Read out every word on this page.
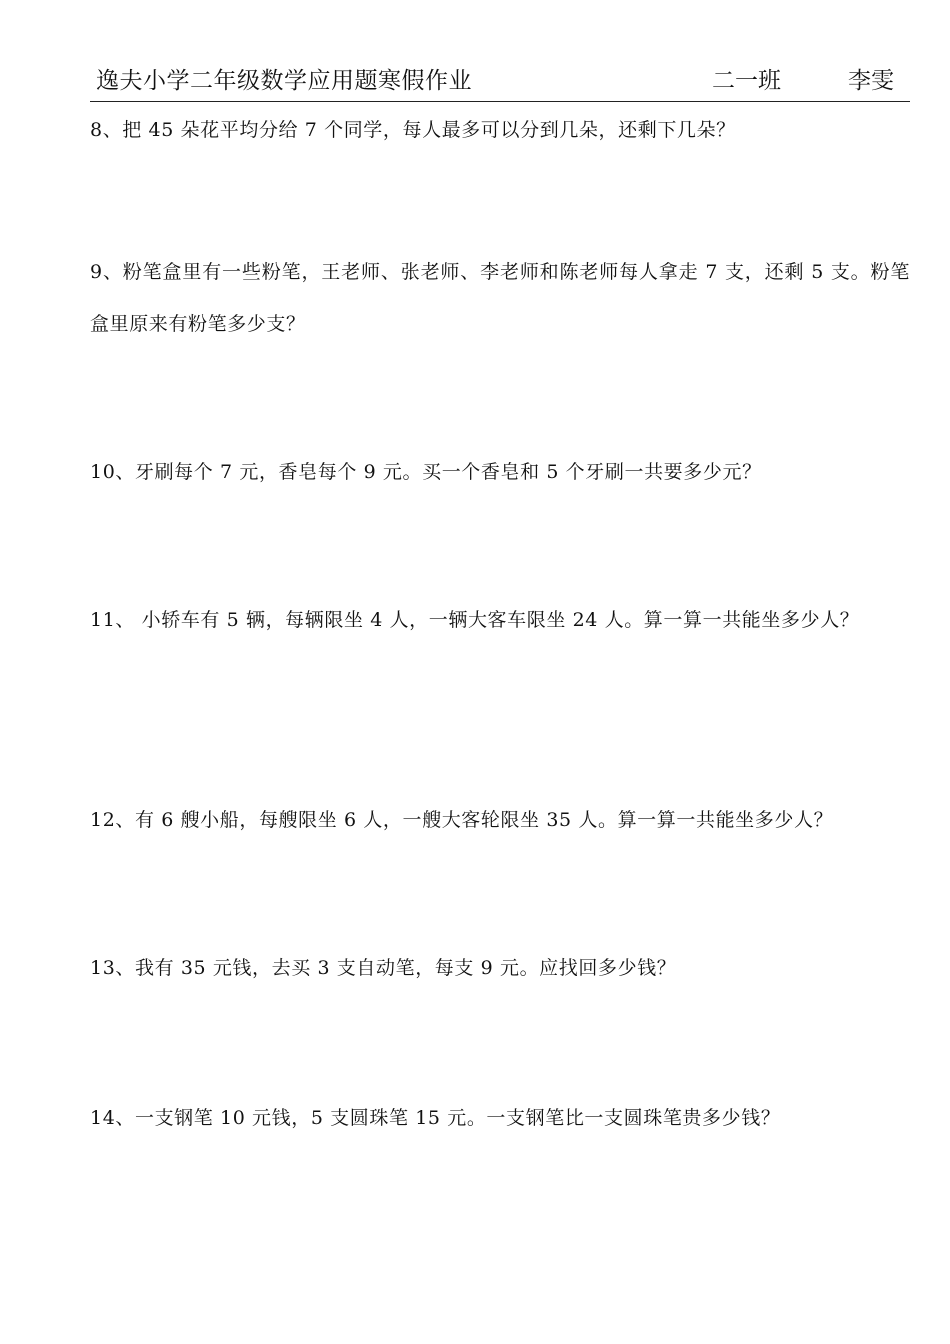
逸夫小学二年级数学应用题寒假作业	二一班	李雯
8、把 45 朵花平均分给 7 个同学，每人最多可以分到几朵，还剩下几朵？
9、粉笔盒里有一些粉笔，王老师、张老师、李老师和陈老师每人拿走 7 支，还剩 5 支。粉笔盒里原来有粉笔多少支？
10、牙刷每个 7 元，香皂每个 9 元。买一个香皂和 5 个牙刷一共要多少元？
11、 小轿车有 5 辆，每辆限坐 4 人，一辆大客车限坐 24 人。算一算一共能坐多少人？
12、有 6 艘小船，每艘限坐 6 人，一艘大客轮限坐 35 人。算一算一共能坐多少人？
13、我有 35 元钱，去买 3 支自动笔，每支 9 元。应找回多少钱？
14、一支钢笔 10 元钱，5 支圆珠笔 15 元。一支钢笔比一支圆珠笔贵多少钱？
